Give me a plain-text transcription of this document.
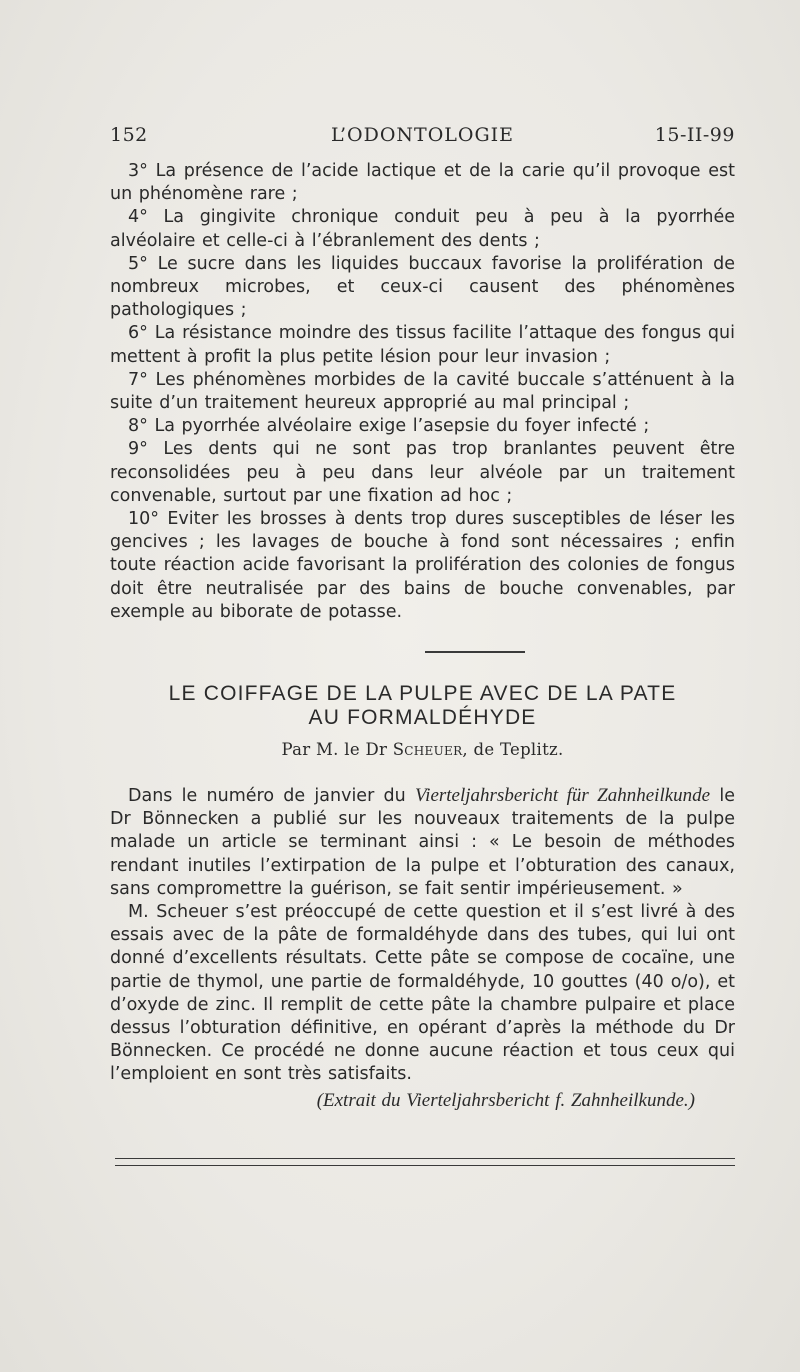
152	L’ODONTOLOGIE	15-II-99

3° La présence de l’acide lactique et de la carie qu’il provoque est un phénomène rare ;

4° La gingivite chronique conduit peu à peu à la pyorrhée alvéolaire et celle-ci à l’ébranlement des dents ;

5° Le sucre dans les liquides buccaux favorise la prolifération de nombreux microbes, et ceux-ci causent des phénomènes pathologiques ;

6° La résistance moindre des tissus facilite l’attaque des fongus qui mettent à profit la plus petite lésion pour leur invasion ;

7° Les phénomènes morbides de la cavité buccale s’atténuent à la suite d’un traitement heureux approprié au mal principal ;

8° La pyorrhée alvéolaire exige l’asepsie du foyer infecté ;

9° Les dents qui ne sont pas trop branlantes peuvent être reconsolidées peu à peu dans leur alvéole par un traitement convenable, surtout par une fixation ad hoc ;

10° Eviter les brosses à dents trop dures susceptibles de léser les gencives ; les lavages de bouche à fond sont nécessaires ; enfin toute réaction acide favorisant la prolifération des colonies de fongus doit être neutralisée par des bains de bouche convenables, par exemple au biborate de potasse.

LE COIFFAGE DE LA PULPE AVEC DE LA PATE
AU FORMALDÉHYDE
Par M. le Dr Scheuer, de Teplitz.

Dans le numéro de janvier du Vierteljahrsbericht für Zahnheilkunde le Dr Bönnecken a publié sur les nouveaux traitements de la pulpe malade un article se terminant ainsi : « Le besoin de méthodes rendant inutiles l’extirpation de la pulpe et l’obturation des canaux, sans compromettre la guérison, se fait sentir impérieusement. »

M. Scheuer s’est préoccupé de cette question et il s’est livré à des essais avec de la pâte de formaldéhyde dans des tubes, qui lui ont donné d’excellents résultats. Cette pâte se compose de cocaïne, une partie de thymol, une partie de formaldéhyde, 10 gouttes (40 o/o), et d’oxyde de zinc. Il remplit de cette pâte la chambre pulpaire et place dessus l’obturation définitive, en opérant d’après la méthode du Dr Bönnecken. Ce procédé ne donne aucune réaction et tous ceux qui l’emploient en sont très satisfaits.

(Extrait du Vierteljahrsbericht f. Zahnheilkunde.)
